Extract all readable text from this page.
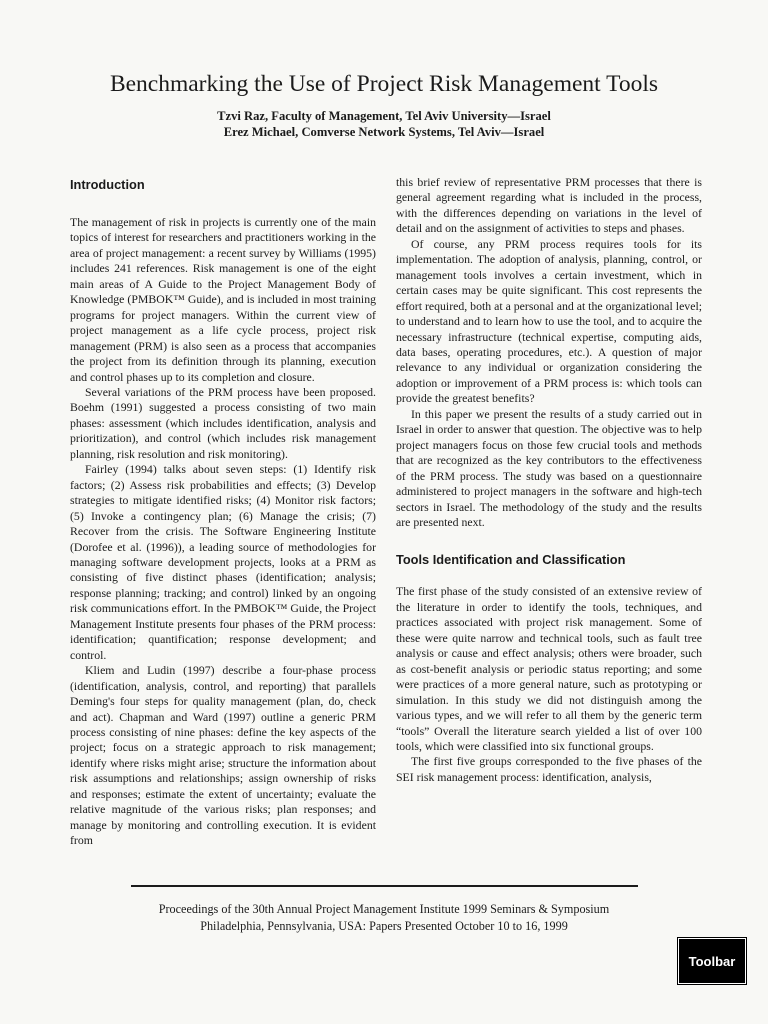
Benchmarking the Use of Project Risk Management Tools
Tzvi Raz, Faculty of Management, Tel Aviv University—Israel
Erez Michael, Comverse Network Systems, Tel Aviv—Israel
Introduction

The management of risk in projects is currently one of the main topics of interest for researchers and practitioners working in the area of project management: a recent survey by Williams (1995) includes 241 references. Risk management is one of the eight main areas of A Guide to the Project Management Body of Knowledge (PMBOK™ Guide), and is included in most training programs for project managers. Within the current view of project management as a life cycle process, project risk management (PRM) is also seen as a process that accompanies the project from its definition through its planning, execution and control phases up to its completion and closure.

Several variations of the PRM process have been proposed. Boehm (1991) suggested a process consisting of two main phases: assessment (which includes identification, analysis and prioritization), and control (which includes risk management planning, risk resolution and risk monitoring).

Fairley (1994) talks about seven steps: (1) Identify risk factors; (2) Assess risk probabilities and effects; (3) Develop strategies to mitigate identified risks; (4) Monitor risk factors; (5) Invoke a contingency plan; (6) Manage the crisis; (7) Recover from the crisis. The Software Engineering Institute (Dorofee et al. (1996)), a leading source of methodologies for managing software development projects, looks at a PRM as consisting of five distinct phases (identification; analysis; response planning; tracking; and control) linked by an ongoing risk communications effort. In the PMBOK™ Guide, the Project Management Institute presents four phases of the PRM process: identification; quantification; response development; and control.

Kliem and Ludin (1997) describe a four-phase process (identification, analysis, control, and reporting) that parallels Deming's four steps for quality management (plan, do, check and act). Chapman and Ward (1997) outline a generic PRM process consisting of nine phases: define the key aspects of the project; focus on a strategic approach to risk management; identify where risks might arise; structure the information about risk assumptions and relationships; assign ownership of risks and responses; estimate the extent of uncertainty; evaluate the relative magnitude of the various risks; plan responses; and manage by monitoring and controlling execution. It is evident from

this brief review of representative PRM processes that there is general agreement regarding what is included in the process, with the differences depending on variations in the level of detail and on the assignment of activities to steps and phases.

Of course, any PRM process requires tools for its implementation. The adoption of analysis, planning, control, or management tools involves a certain investment, which in certain cases may be quite significant. This cost represents the effort required, both at a personal and at the organizational level; to understand and to learn how to use the tool, and to acquire the necessary infrastructure (technical expertise, computing aids, data bases, operating procedures, etc.). A question of major relevance to any individual or organization considering the adoption or improvement of a PRM process is: which tools can provide the greatest benefits?

In this paper we present the results of a study carried out in Israel in order to answer that question. The objective was to help project managers focus on those few crucial tools and methods that are recognized as the key contributors to the effectiveness of the PRM process. The study was based on a questionnaire administered to project managers in the software and high-tech sectors in Israel. The methodology of the study and the results are presented next.

Tools Identification and Classification

The first phase of the study consisted of an extensive review of the literature in order to identify the tools, techniques, and practices associated with project risk management. Some of these were quite narrow and technical tools, such as fault tree analysis or cause and effect analysis; others were broader, such as cost-benefit analysis or periodic status reporting; and some were practices of a more general nature, such as prototyping or simulation. In this study we did not distinguish among the various types, and we will refer to all them by the generic term “tools” Overall the literature search yielded a list of over 100 tools, which were classified into six functional groups.

The first five groups corresponded to the five phases of the SEI risk management process: identification, analysis,

Proceedings of the 30th Annual Project Management Institute 1999 Seminars & Symposium
Philadelphia, Pennsylvania, USA: Papers Presented October 10 to 16, 1999
Toolbar
